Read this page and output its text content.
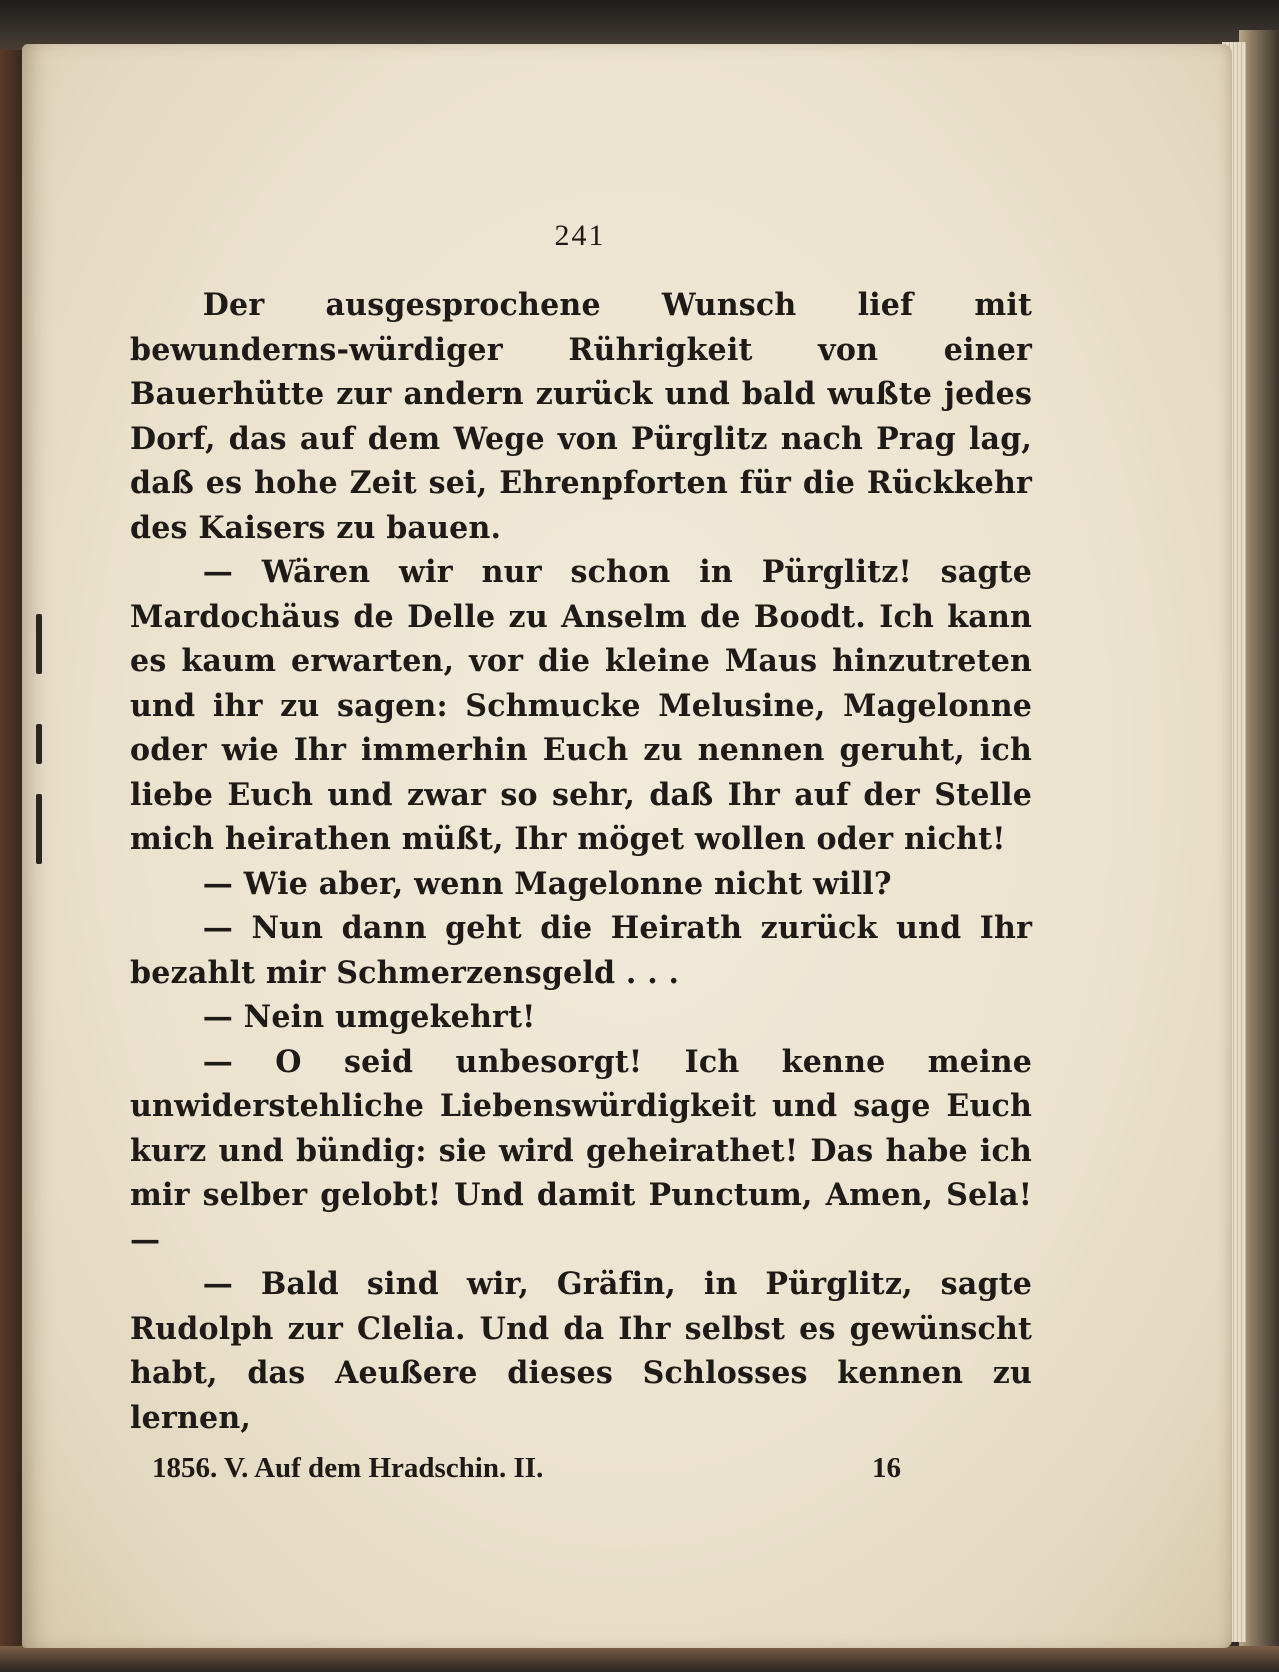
241

Der ausgesprochene Wunsch lief mit bewunderns-würdiger Rührigkeit von einer Bauerhütte zur andern zurück und bald wußte jedes Dorf, das auf dem Wege von Pürglitz nach Prag lag, daß es hohe Zeit sei, Ehrenpforten für die Rückkehr des Kaisers zu bauen.

— Wären wir nur schon in Pürglitz! sagte Mardochäus de Delle zu Anselm de Boodt. Ich kann es kaum erwarten, vor die kleine Maus hinzutreten und ihr zu sagen: Schmucke Melusine, Magelonne oder wie Ihr immerhin Euch zu nennen geruht, ich liebe Euch und zwar so sehr, daß Ihr auf der Stelle mich heirathen müßt, Ihr möget wollen oder nicht!

— Wie aber, wenn Magelonne nicht will?

— Nun dann geht die Heirath zurück und Ihr bezahlt mir Schmerzensgeld . . .

— Nein umgekehrt!

— O seid unbesorgt! Ich kenne meine unwiderstehliche Liebenswürdigkeit und sage Euch kurz und bündig: sie wird geheirathet! Das habe ich mir selber gelobt! Und damit Punctum, Amen, Sela! —

— Bald sind wir, Gräfin, in Pürglitz, sagte Rudolph zur Clelia. Und da Ihr selbst es gewünscht habt, das Aeußere dieses Schlosses kennen zu lernen,

1856. V. Auf dem Hradschin. II.	16
